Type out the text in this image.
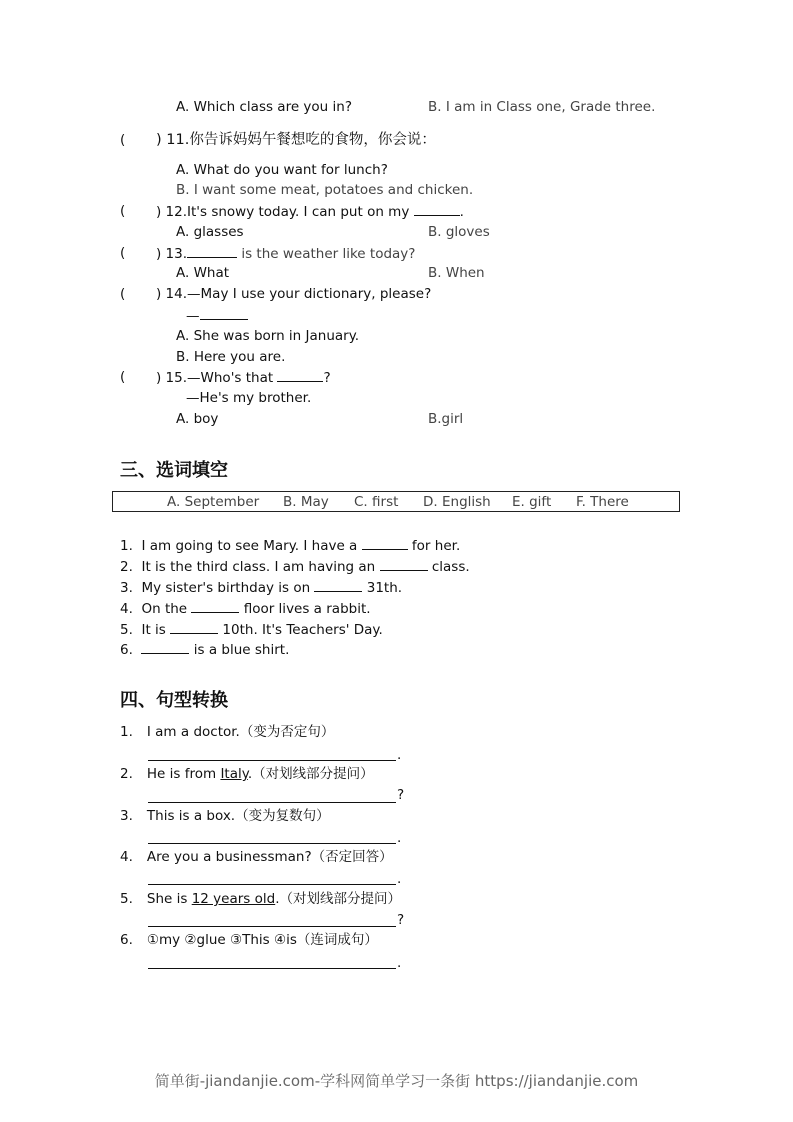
A. Which class are you in?	B. I am in Class one, Grade three.
( ) 11.你告诉妈妈午餐想吃的食物，你会说：
A. What do you want for lunch?
B. I want some meat, potatoes and chicken.
( ) 12.It's snowy today. I can put on my	.
A. glasses	B. gloves
( ) 13.	is the weather like today?
A. What	B. When
( ) 14.—May I use your dictionary, please?
—
A. She was born in January.
B. Here you are.
( ) 15.—Who's that	?
—He's my brother.
A. boy	B.girl
三、选词填空
A. September B. May C. first D. English E. gift F. There
1. I am going to see Mary. I have a	for her.
2. It is the third class. I am having an	class.
3. My sister's birthday is on	31th.
4. On the	floor lives a rabbit.
5. It is	10th. It's Teachers' Day.
6.	is a blue shirt.
四、句型转换
1. I am a doctor.（变为否定句）
.
2. He is from Italy.（对划线部分提问）
?
3. This is a box.（变为复数句）
.
4. Are you a businessman?（否定回答）
.
5. She is 12 years old.（对划线部分提问）
?
6. ①my ②glue ③This ④is（连词成句）
.
简单街-jiandanjie.com-学科网简单学习一条街 https://jiandanjie.com
